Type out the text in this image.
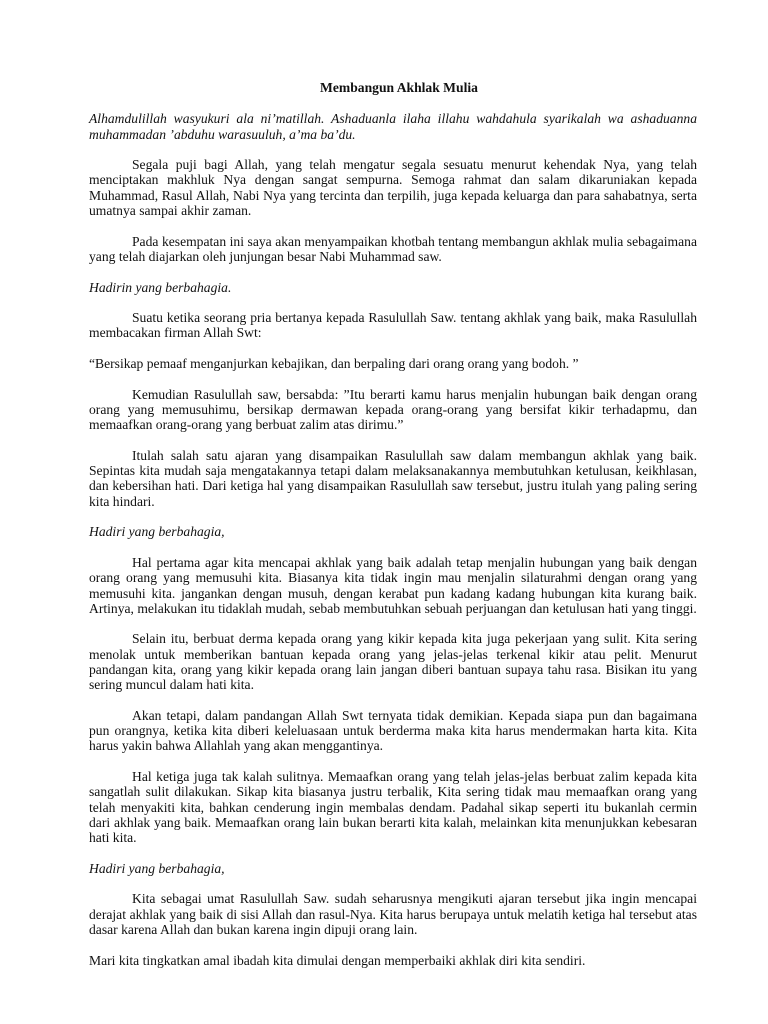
Membangun Akhlak Mulia

Alhamdulillah wasyukuri ala ni’matillah. Ashaduanla ilaha illahu wahdahula syarikalah wa ashaduanna muhammadan ’abduhu warasuuluh, a’ma ba’du.

Segala puji bagi Allah, yang telah mengatur segala sesuatu menurut kehendak Nya, yang telah menciptakan makhluk Nya dengan sangat sempurna. Semoga rahmat dan salam dikaruniakan kepada Muhammad, Rasul Allah, Nabi Nya yang tercinta dan terpilih, juga kepada keluarga dan para sahabatnya, serta umatnya sampai akhir zaman.

Pada kesempatan ini saya akan menyampaikan khotbah tentang membangun akhlak mulia sebagaimana yang telah diajarkan oleh junjungan besar Nabi Muhammad saw.

Hadirin yang berbahagia.

Suatu ketika seorang pria bertanya kepada Rasulullah Saw. tentang akhlak yang baik, maka Rasulullah membacakan firman Allah Swt:

“Bersikap pemaaf menganjurkan kebajikan, dan berpaling dari orang orang yang bodoh. ”

Kemudian Rasulullah saw, bersabda: ”Itu berarti kamu harus menjalin hubungan baik dengan orang orang yang memusuhimu, bersikap dermawan kepada orang-orang yang bersifat kikir terhadapmu, dan memaafkan orang-orang yang berbuat zalim atas dirimu.”

Itulah salah satu ajaran yang disampaikan Rasulullah saw dalam membangun akhlak yang baik. Sepintas kita mudah saja mengatakannya tetapi dalam melaksanakannya membutuhkan ketulusan, keikhlasan, dan kebersihan hati. Dari ketiga hal yang disampaikan Rasulullah saw tersebut, justru itulah yang paling sering kita hindari.

Hadiri yang berbahagia,

Hal pertama agar kita mencapai akhlak yang baik adalah tetap menjalin hubungan yang baik dengan orang orang yang memusuhi kita. Biasanya kita tidak ingin mau menjalin silaturahmi dengan orang yang memusuhi kita. jangankan dengan musuh, dengan kerabat pun kadang kadang hubungan kita kurang baik. Artinya, melakukan itu tidaklah mudah, sebab membutuhkan sebuah perjuangan dan ketulusan hati yang tinggi.

Selain itu, berbuat derma kepada orang yang kikir kepada kita juga pekerjaan yang sulit. Kita sering menolak untuk memberikan bantuan kepada orang yang jelas-jelas terkenal kikir atau pelit. Menurut pandangan kita, orang yang kikir kepada orang lain jangan diberi bantuan supaya tahu rasa. Bisikan itu yang sering muncul dalam hati kita.

Akan tetapi, dalam pandangan Allah Swt ternyata tidak demikian. Kepada siapa pun dan bagaimana pun orangnya, ketika kita diberi keleluasaan untuk berderma maka kita harus mendermakan harta kita. Kita harus yakin bahwa Allahlah yang akan menggantinya.

Hal ketiga juga tak kalah sulitnya. Memaafkan orang yang telah jelas-jelas berbuat zalim kepada kita sangatlah sulit dilakukan. Sikap kita biasanya justru terbalik, Kita sering tidak mau memaafkan orang yang telah menyakiti kita, bahkan cenderung ingin membalas dendam. Padahal sikap seperti itu bukanlah cermin dari akhlak yang baik. Memaafkan orang lain bukan berarti kita kalah, melainkan kita menunjukkan kebesaran hati kita.

Hadiri yang berbahagia,

Kita sebagai umat Rasulullah Saw. sudah seharusnya mengikuti ajaran tersebut jika ingin mencapai derajat akhlak yang baik di sisi Allah dan rasul-Nya. Kita harus berupaya untuk melatih ketiga hal tersebut atas dasar karena Allah dan bukan karena ingin dipuji orang lain.

Mari kita tingkatkan amal ibadah kita dimulai dengan memperbaiki akhlak diri kita sendiri.
